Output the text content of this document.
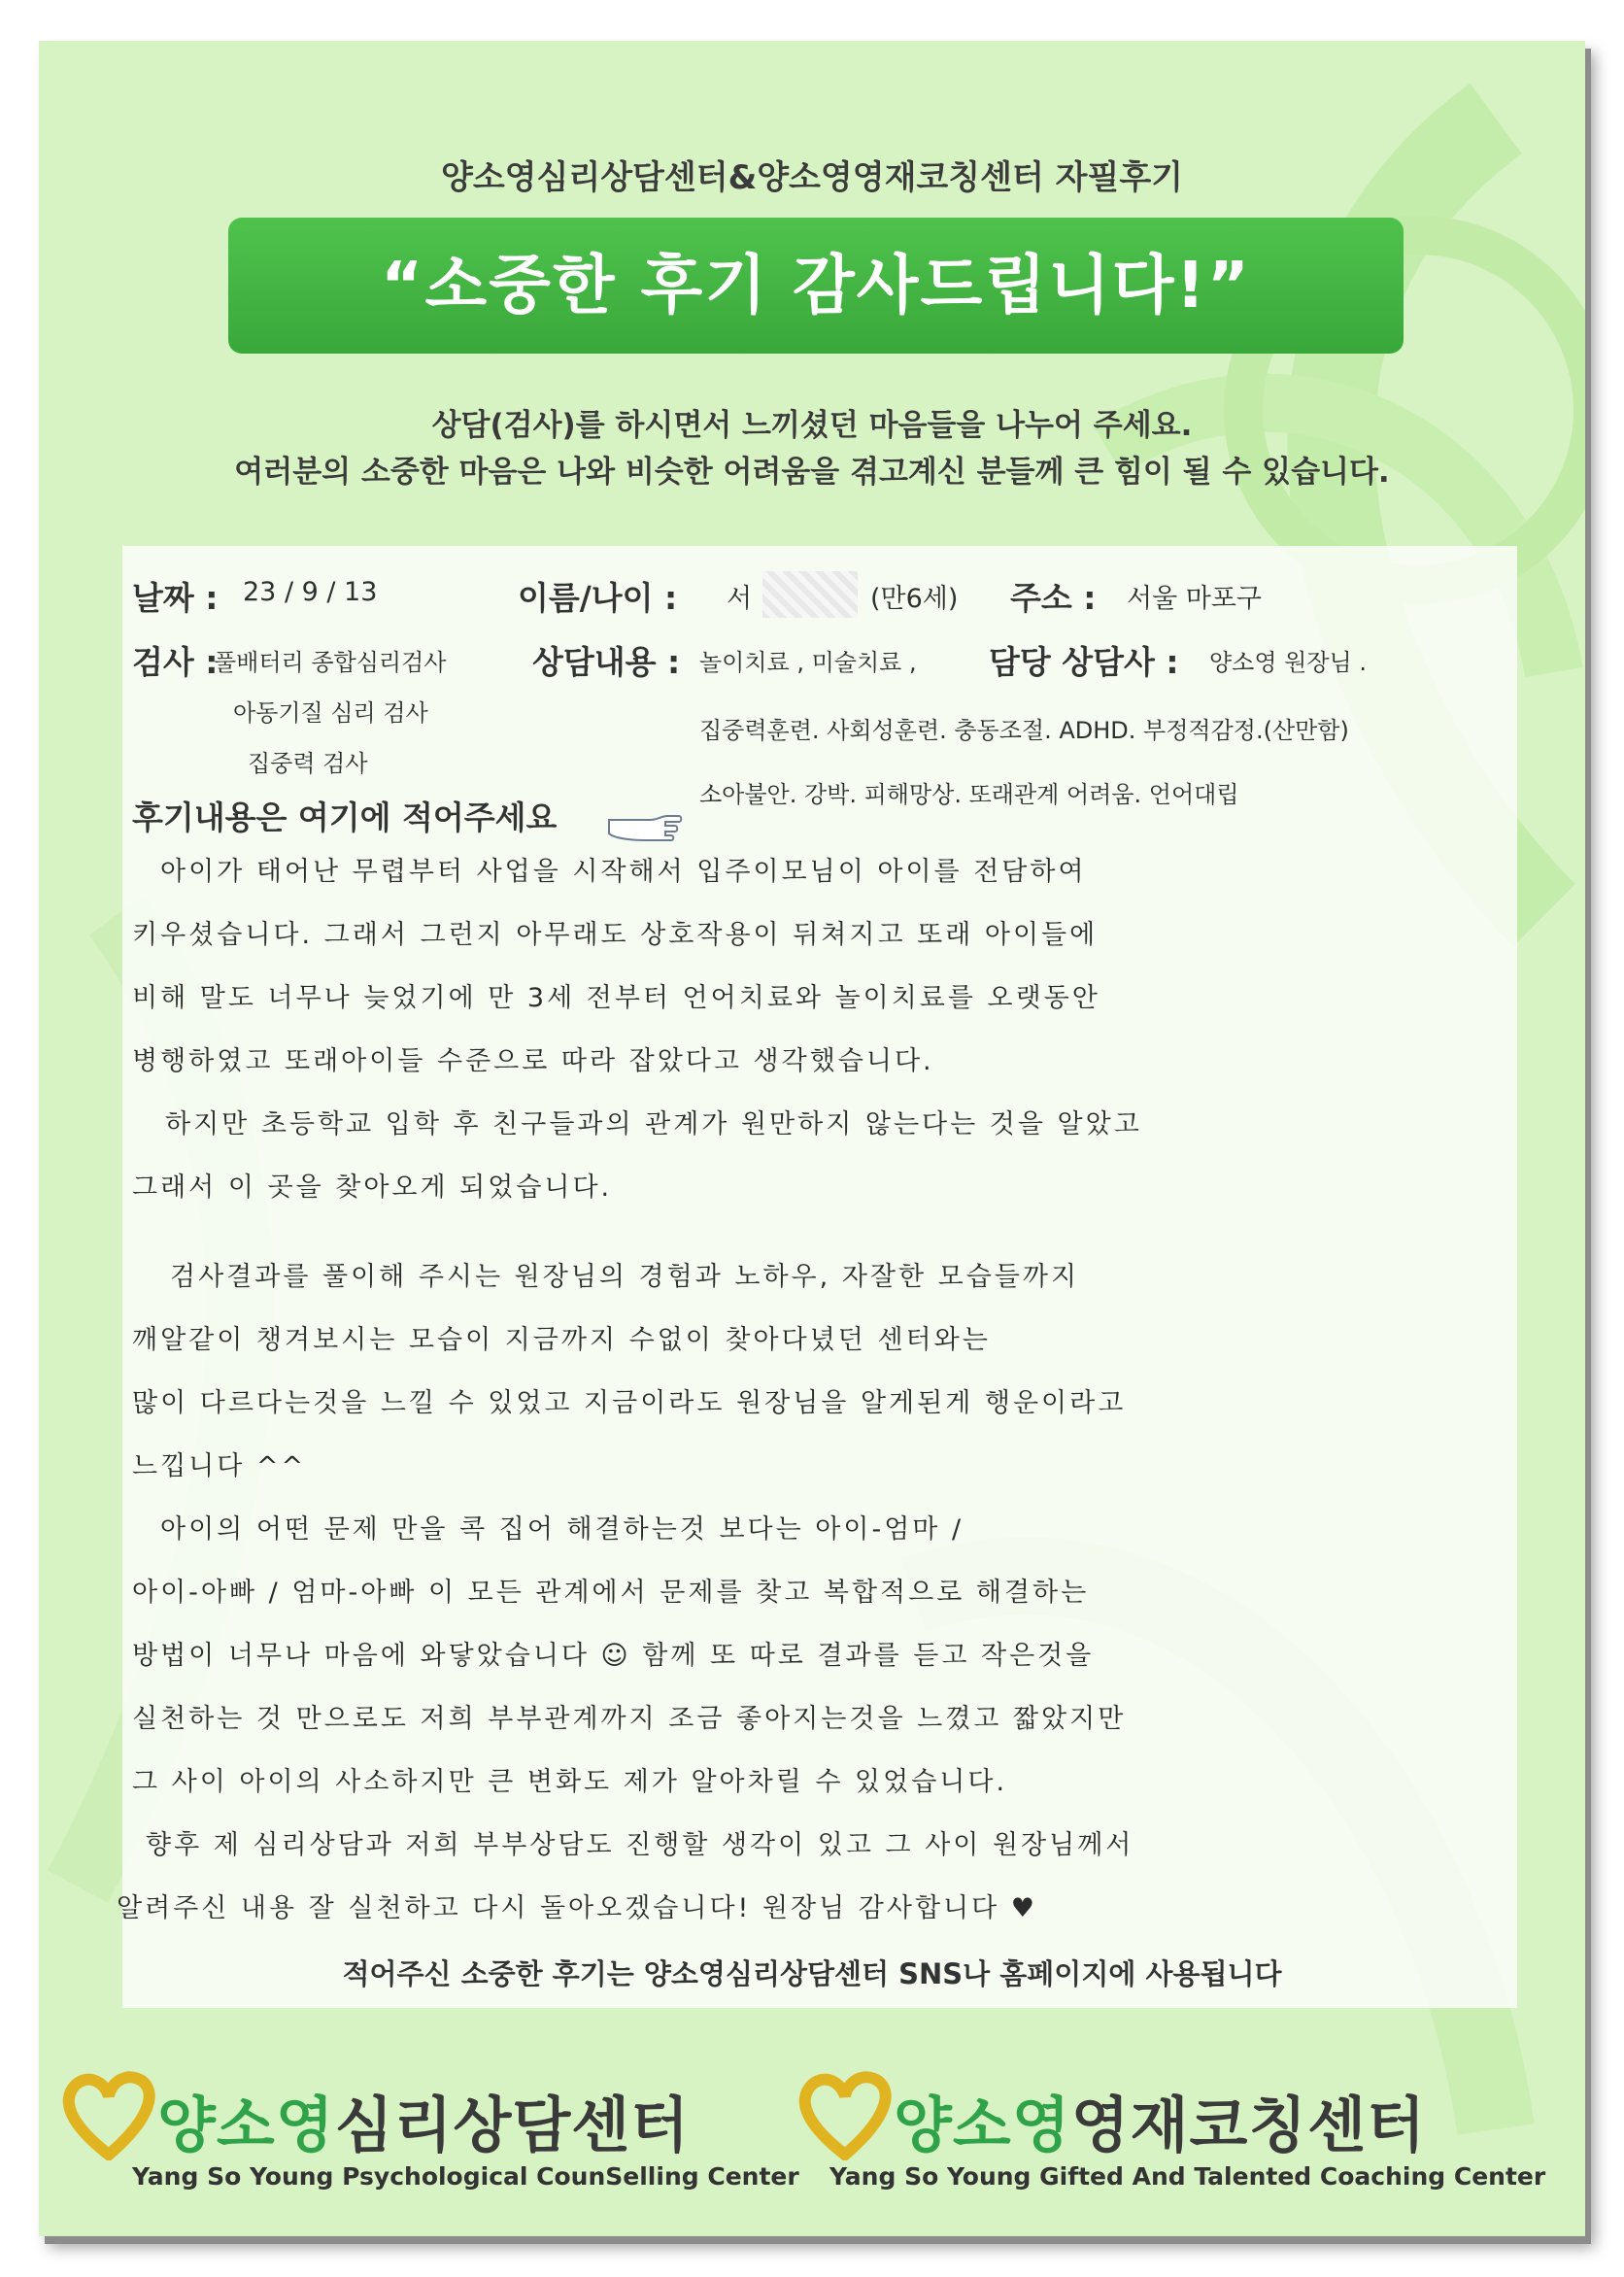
양소영심리상담센터&양소영영재코칭센터 자필후기
“소중한 후기 감사드립니다!”
상담(검사)를 하시면서 느끼셨던 마음들을 나누어 주세요.
여러분의 소중한 마음은 나와 비슷한 어려움을 겪고계신 분들께 큰 힘이 될 수 있습니다.
날짜 : 23 / 9 / 13	이름/나이 : 서	(만6세) 주소 : 서울 마포구
검사 :
풀배터리 종합심리검사
아동기질 심리 검사
집중력 검사
상담내용 : 놀이치료 , 미술치료 , 담당 상담사 : 양소영 원장님 .
집중력훈련. 사회성훈련. 충동조절. ADHD. 부정적감정.(산만함)
소아불안. 강박. 피해망상. 또래관계 어려움. 언어대립
후기내용은 여기에 적어주세요
아이가 태어난 무렵부터 사업을 시작해서 입주이모님이 아이를 전담하여
키우셨습니다. 그래서 그런지 아무래도 상호작용이 뒤쳐지고 또래 아이들에
비해 말도 너무나 늦었기에 만 3세 전부터 언어치료와 놀이치료를 오랫동안
병행하였고 또래아이들 수준으로 따라 잡았다고 생각했습니다.
하지만 초등학교 입학 후 친구들과의 관계가 원만하지 않는다는 것을 알았고
그래서 이 곳을 찾아오게 되었습니다.
검사결과를 풀이해 주시는 원장님의 경험과 노하우, 자잘한 모습들까지
깨알같이 챙겨보시는 모습이 지금까지 수없이 찾아다녔던 센터와는
많이 다르다는것을 느낄 수 있었고 지금이라도 원장님을 알게된게 행운이라고
느낍니다 ^^
아이의 어떤 문제 만을 콕 집어 해결하는것 보다는 아이-엄마 /
아이-아빠 / 엄마-아빠 이 모든 관계에서 문제를 찾고 복합적으로 해결하는
방법이 너무나 마음에 와닿았습니다 ☺ 함께 또 따로 결과를 듣고 작은것을
실천하는 것 만으로도 저희 부부관계까지 조금 좋아지는것을 느꼈고 짧았지만
그 사이 아이의 사소하지만 큰 변화도 제가 알아차릴 수 있었습니다.
향후 제 심리상담과 저희 부부상담도 진행할 생각이 있고 그 사이 원장님께서
알려주신 내용 잘 실천하고 다시 돌아오겠습니다! 원장님 감사합니다 ♥
적어주신 소중한 후기는 양소영심리상담센터 SNS나 홈페이지에 사용됩니다
양소영심리상담센터
Yang So Young Psychological CounSelling Center
양소영영재코칭센터
Yang So Young Gifted And Talented Coaching Center
